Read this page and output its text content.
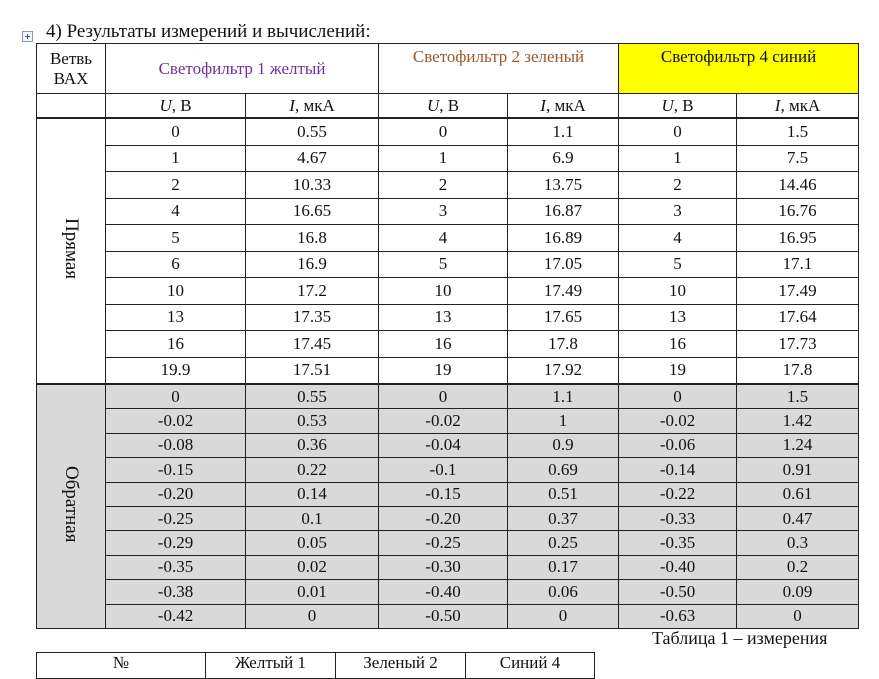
4) Результаты измерений и вычислений:
Ветвь
ВАХ	Светофильтр 1 желтый		Светофильтр 2 зеленый		Светофильтр 4 синий	
	U, В	I, мкА	U, В	I, мкА	U, В	I, мкА

Прямая	0	0.55	0	1.1	0	1.5
	1	4.67	1	6.9	1	7.5
	2	10.33	2	13.75	2	14.46
	4	16.65	3	16.87	3	16.76
	5	16.8	4	16.89	4	16.95
	6	16.9	5	17.05	5	17.1
	10	17.2	10	17.49	10	17.49
	13	17.35	13	17.65	13	17.64
	16	17.45	16	17.8	16	17.73
	19.9	17.51	19	17.92	19	17.8

Обратная	0	0.55	0	1.1	0	1.5
	-0.02	0.53	-0.02	1	-0.02	1.42
	-0.08	0.36	-0.04	0.9	-0.06	1.24
	-0.15	0.22	-0.1	0.69	-0.14	0.91
	-0.20	0.14	-0.15	0.51	-0.22	0.61
	-0.25	0.1	-0.20	0.37	-0.33	0.47
	-0.29	0.05	-0.25	0.25	-0.35	0.3
	-0.35	0.02	-0.30	0.17	-0.40	0.2
	-0.38	0.01	-0.40	0.06	-0.50	0.09
	-0.42	0	-0.50	0	-0.63	0
Таблица 1 – измерения
№	Желтый 1	Зеленый 2	Синий 4
